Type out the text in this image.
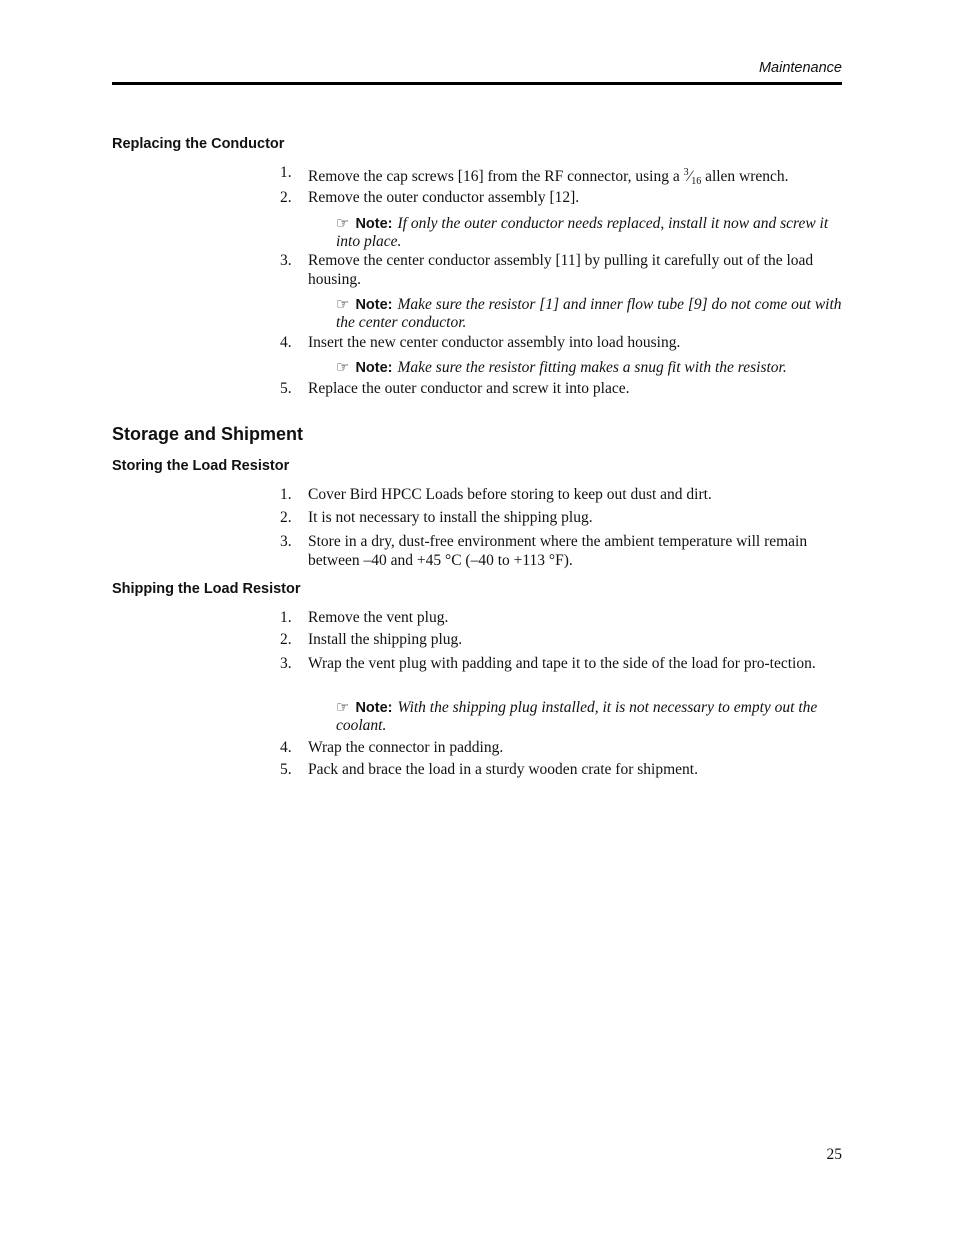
Maintenance
Replacing the Conductor
1.	Remove the cap screws [16] from the RF connector, using a $^3⁄_{16}$ allen wrench.
2.	Remove the outer conductor assembly [12].
☞ Note: If only the outer conductor needs replaced, install it now and screw it into place.
3.	Remove the center conductor assembly [11] by pulling it carefully out of the load housing.
☞ Note: Make sure the resistor [1] and inner flow tube [9] do not come out with the center conductor.
4.	Insert the new center conductor assembly into load housing.
☞ Note: Make sure the resistor fitting makes a snug fit with the resistor.
5.	Replace the outer conductor and screw it into place.
Storage and Shipment
Storing the Load Resistor
1.	Cover Bird HPCC Loads before storing to keep out dust and dirt.
2.	It is not necessary to install the shipping plug.
3.	Store in a dry, dust-free environment where the ambient temperature will remain between –40 and +45 °C (–40 to +113 °F).
Shipping the Load Resistor
1.	Remove the vent plug.
2.	Install the shipping plug.
3.	Wrap the vent plug with padding and tape it to the side of the load for pro-tection.
☞ Note: With the shipping plug installed, it is not necessary to empty out the coolant.
4.	Wrap the connector in padding.
5.	Pack and brace the load in a sturdy wooden crate for shipment.
25
